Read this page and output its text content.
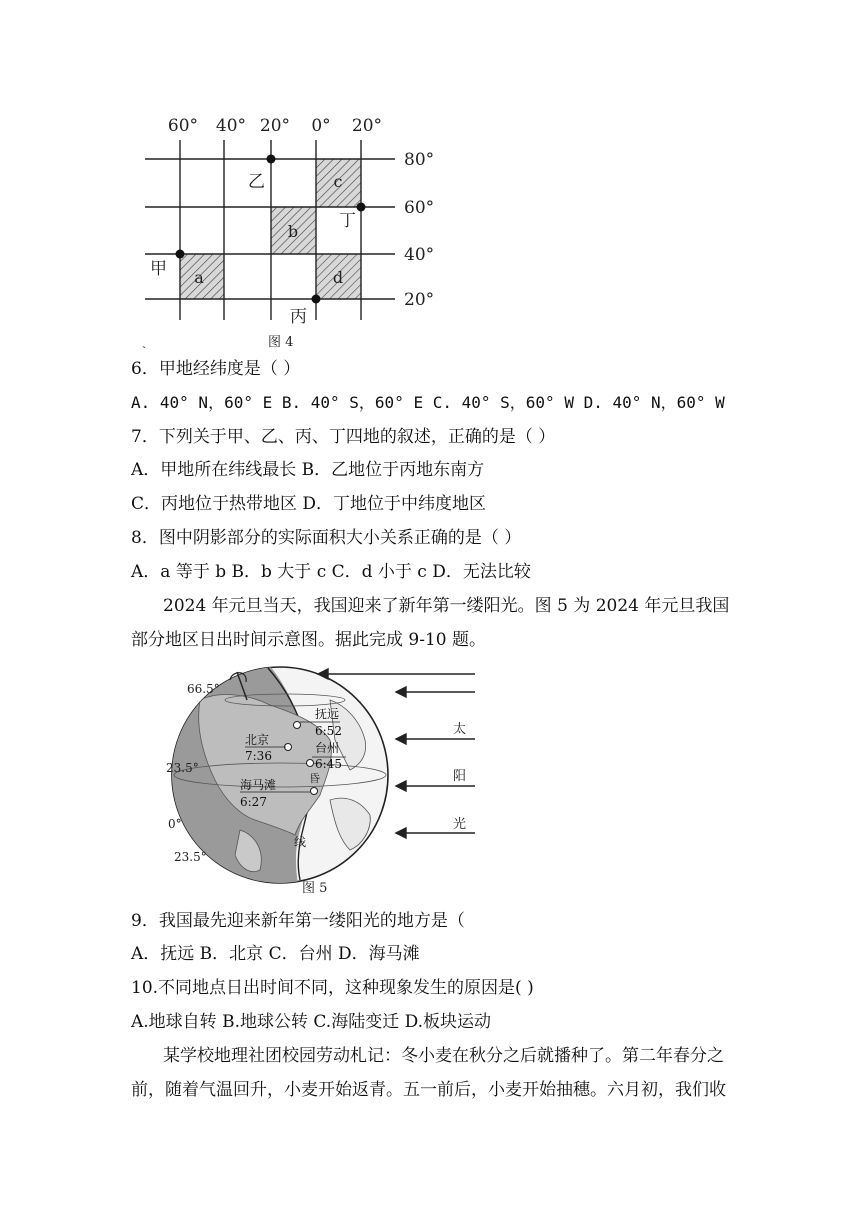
60° 40° 20° 0° 20°
80°
60°
40°
20°
a
b
c
d
甲
乙
丙
丁
图 4
、
6．甲地经纬度是（ ）
A. 40° N，60° E B. 40° S，60° E C. 40° S，60° W D. 40° N，60° W
7．下列关于甲、乙、丙、丁四地的叙述，正确的是（ ）
A．甲地所在纬线最长 B．乙地位于丙地东南方
C．丙地位于热带地区 D．丁地位于中纬度地区
8．图中阴影部分的实际面积大小关系正确的是（ ）
A．a 等于 b B．b 大于 c C．d 小于 c D．无法比较
2024 年元旦当天，我国迎来了新年第一缕阳光。图 5 为 2024 年元旦我国
部分地区日出时间示意图。据此完成 9-10 题。
66.5°
23.5°
0°
23.5°
抚远
6:52
北京
7:36
台州
6:45
海马滩
6:27
昏
线
太
阳
光
图 5
9．我国最先迎来新年第一缕阳光的地方是（
A．抚远 B．北京 C．台州 D．海马滩
10.不同地点日出时间不同，这种现象发生的原因是( )
A.地球自转 B.地球公转 C.海陆变迁 D.板块运动
某学校地理社团校园劳动札记：冬小麦在秋分之后就播种了。第二年春分之
前，随着气温回升，小麦开始返青。五一前后，小麦开始抽穗。六月初，我们收
